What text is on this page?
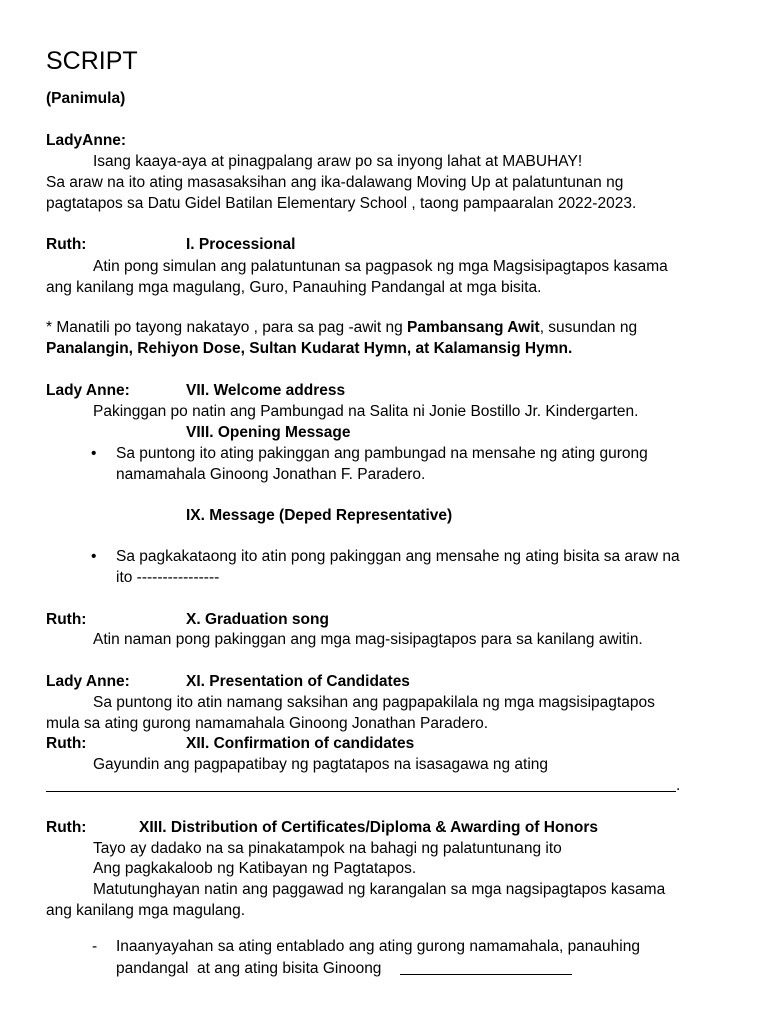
SCRIPT
(Panimula)
LadyAnne:
Isang kaaya-aya at pinagpalang araw po sa inyong lahat at MABUHAY!
Sa araw na ito ating masasaksihan ang ika-dalawang Moving Up at palatuntunan ng
pagtatapos sa Datu Gidel Batilan Elementary School , taong pampaaralan 2022-2023.
Ruth:	I. Processional
Atin pong simulan ang palatuntunan sa pagpasok ng mga Magsisipagtapos kasama
ang kanilang mga magulang, Guro, Panauhing Pandangal at mga bisita.
* Manatili po tayong nakatayo , para sa pag -awit ng Pambansang Awit, susundan ng
Panalangin, Rehiyon Dose, Sultan Kudarat Hymn, at Kalamansig Hymn.
Lady Anne:	VII. Welcome address
Pakinggan po natin ang Pambungad na Salita ni Jonie Bostillo Jr. Kindergarten.
VIII. Opening Message
• Sa puntong ito ating pakinggan ang pambungad na mensahe ng ating gurong
namamahala Ginoong Jonathan F. Paradero.
IX. Message (Deped Representative)
• Sa pagkakataong ito atin pong pakinggan ang mensahe ng ating bisita sa araw na
ito ----------------
Ruth:	X. Graduation song
Atin naman pong pakinggan ang mga mag-sisipagtapos para sa kanilang awitin.
Lady Anne:	XI. Presentation of Candidates
Sa puntong ito atin namang saksihan ang pagpapakilala ng mga magsisipagtapos
mula sa ating gurong namamahala Ginoong Jonathan Paradero.
Ruth:	XII. Confirmation of candidates
Gayundin ang pagpapatibay ng pagtatapos na isasagawa ng ating
.
Ruth:	XIII. Distribution of Certificates/Diploma & Awarding of Honors
Tayo ay dadako na sa pinakatampok na bahagi ng palatuntunang ito
Ang pagkakaloob ng Katibayan ng Pagtatapos.
Matutunghayan natin ang paggawad ng karangalan sa mga nagsipagtapos kasama
ang kanilang mga magulang.
- Inaanyayahan sa ating entablado ang ating gurong namamahala, panauhing
pandangal  at ang ating bisita Ginoong
